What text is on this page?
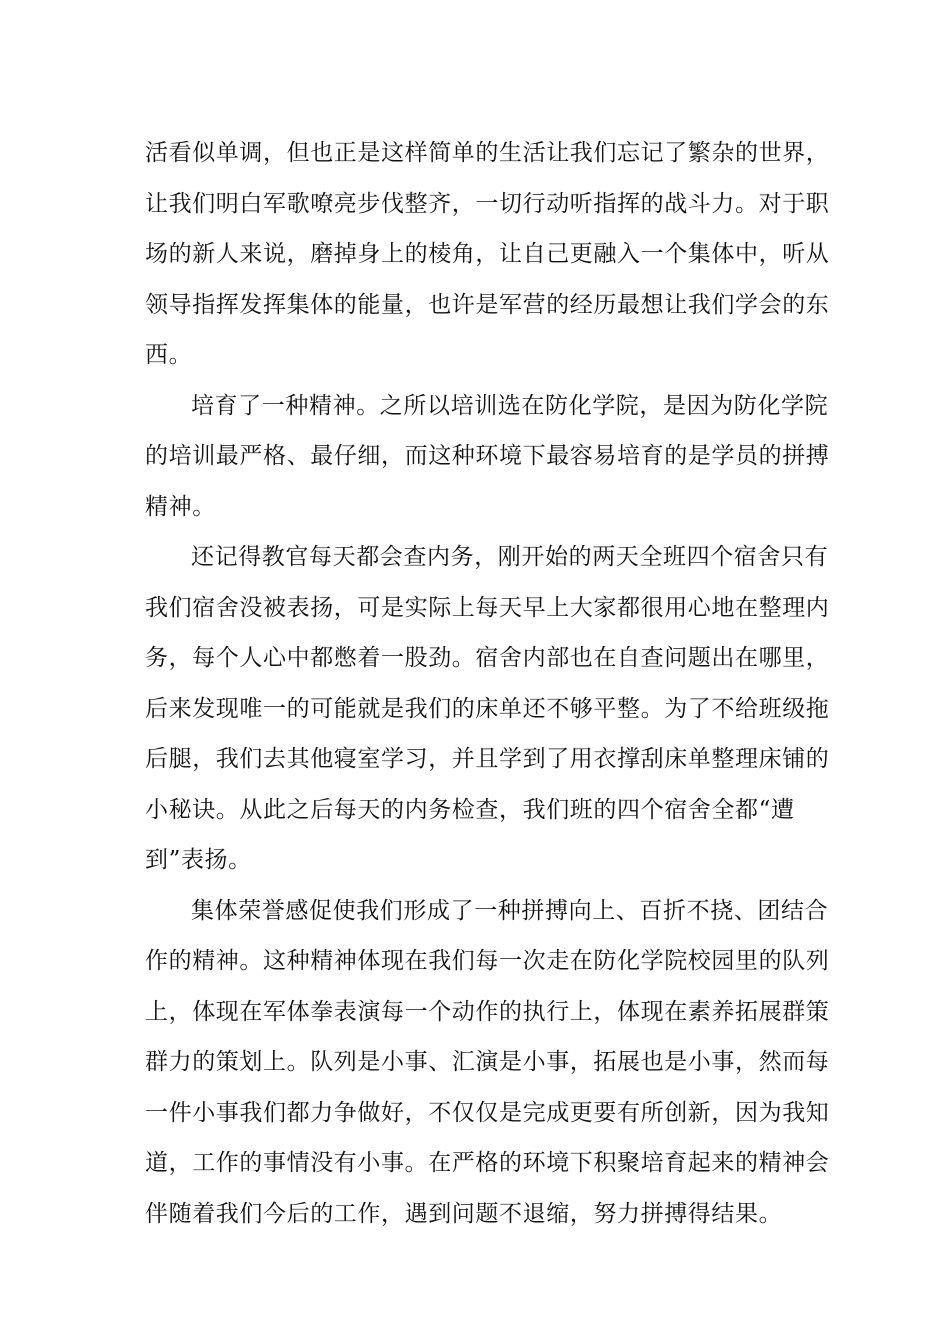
活看似单调，但也正是这样简单的生活让我们忘记了繁杂的世界，
让我们明白军歌嘹亮步伐整齐，一切行动听指挥的战斗力。对于职
场的新人来说，磨掉身上的棱角，让自己更融入一个集体中，听从
领导指挥发挥集体的能量，也许是军营的经历最想让我们学会的东
西。
培育了一种精神。之所以培训选在防化学院，是因为防化学院
的培训最严格、最仔细，而这种环境下最容易培育的是学员的拼搏
精神。
还记得教官每天都会查内务，刚开始的两天全班四个宿舍只有
我们宿舍没被表扬，可是实际上每天早上大家都很用心地在整理内
务，每个人心中都憋着一股劲。宿舍内部也在自查问题出在哪里，
后来发现唯一的可能就是我们的床单还不够平整。为了不给班级拖
后腿，我们去其他寝室学习，并且学到了用衣撑刮床单整理床铺的
小秘诀。从此之后每天的内务检查，我们班的四个宿舍全都“遭
到”表扬。
集体荣誉感促使我们形成了一种拼搏向上、百折不挠、团结合
作的精神。这种精神体现在我们每一次走在防化学院校园里的队列
上，体现在军体拳表演每一个动作的执行上，体现在素养拓展群策
群力的策划上。队列是小事、汇演是小事，拓展也是小事，然而每
一件小事我们都力争做好，不仅仅是完成更要有所创新，因为我知
道，工作的事情没有小事。在严格的环境下积聚培育起来的精神会
伴随着我们今后的工作，遇到问题不退缩，努力拼搏得结果。
